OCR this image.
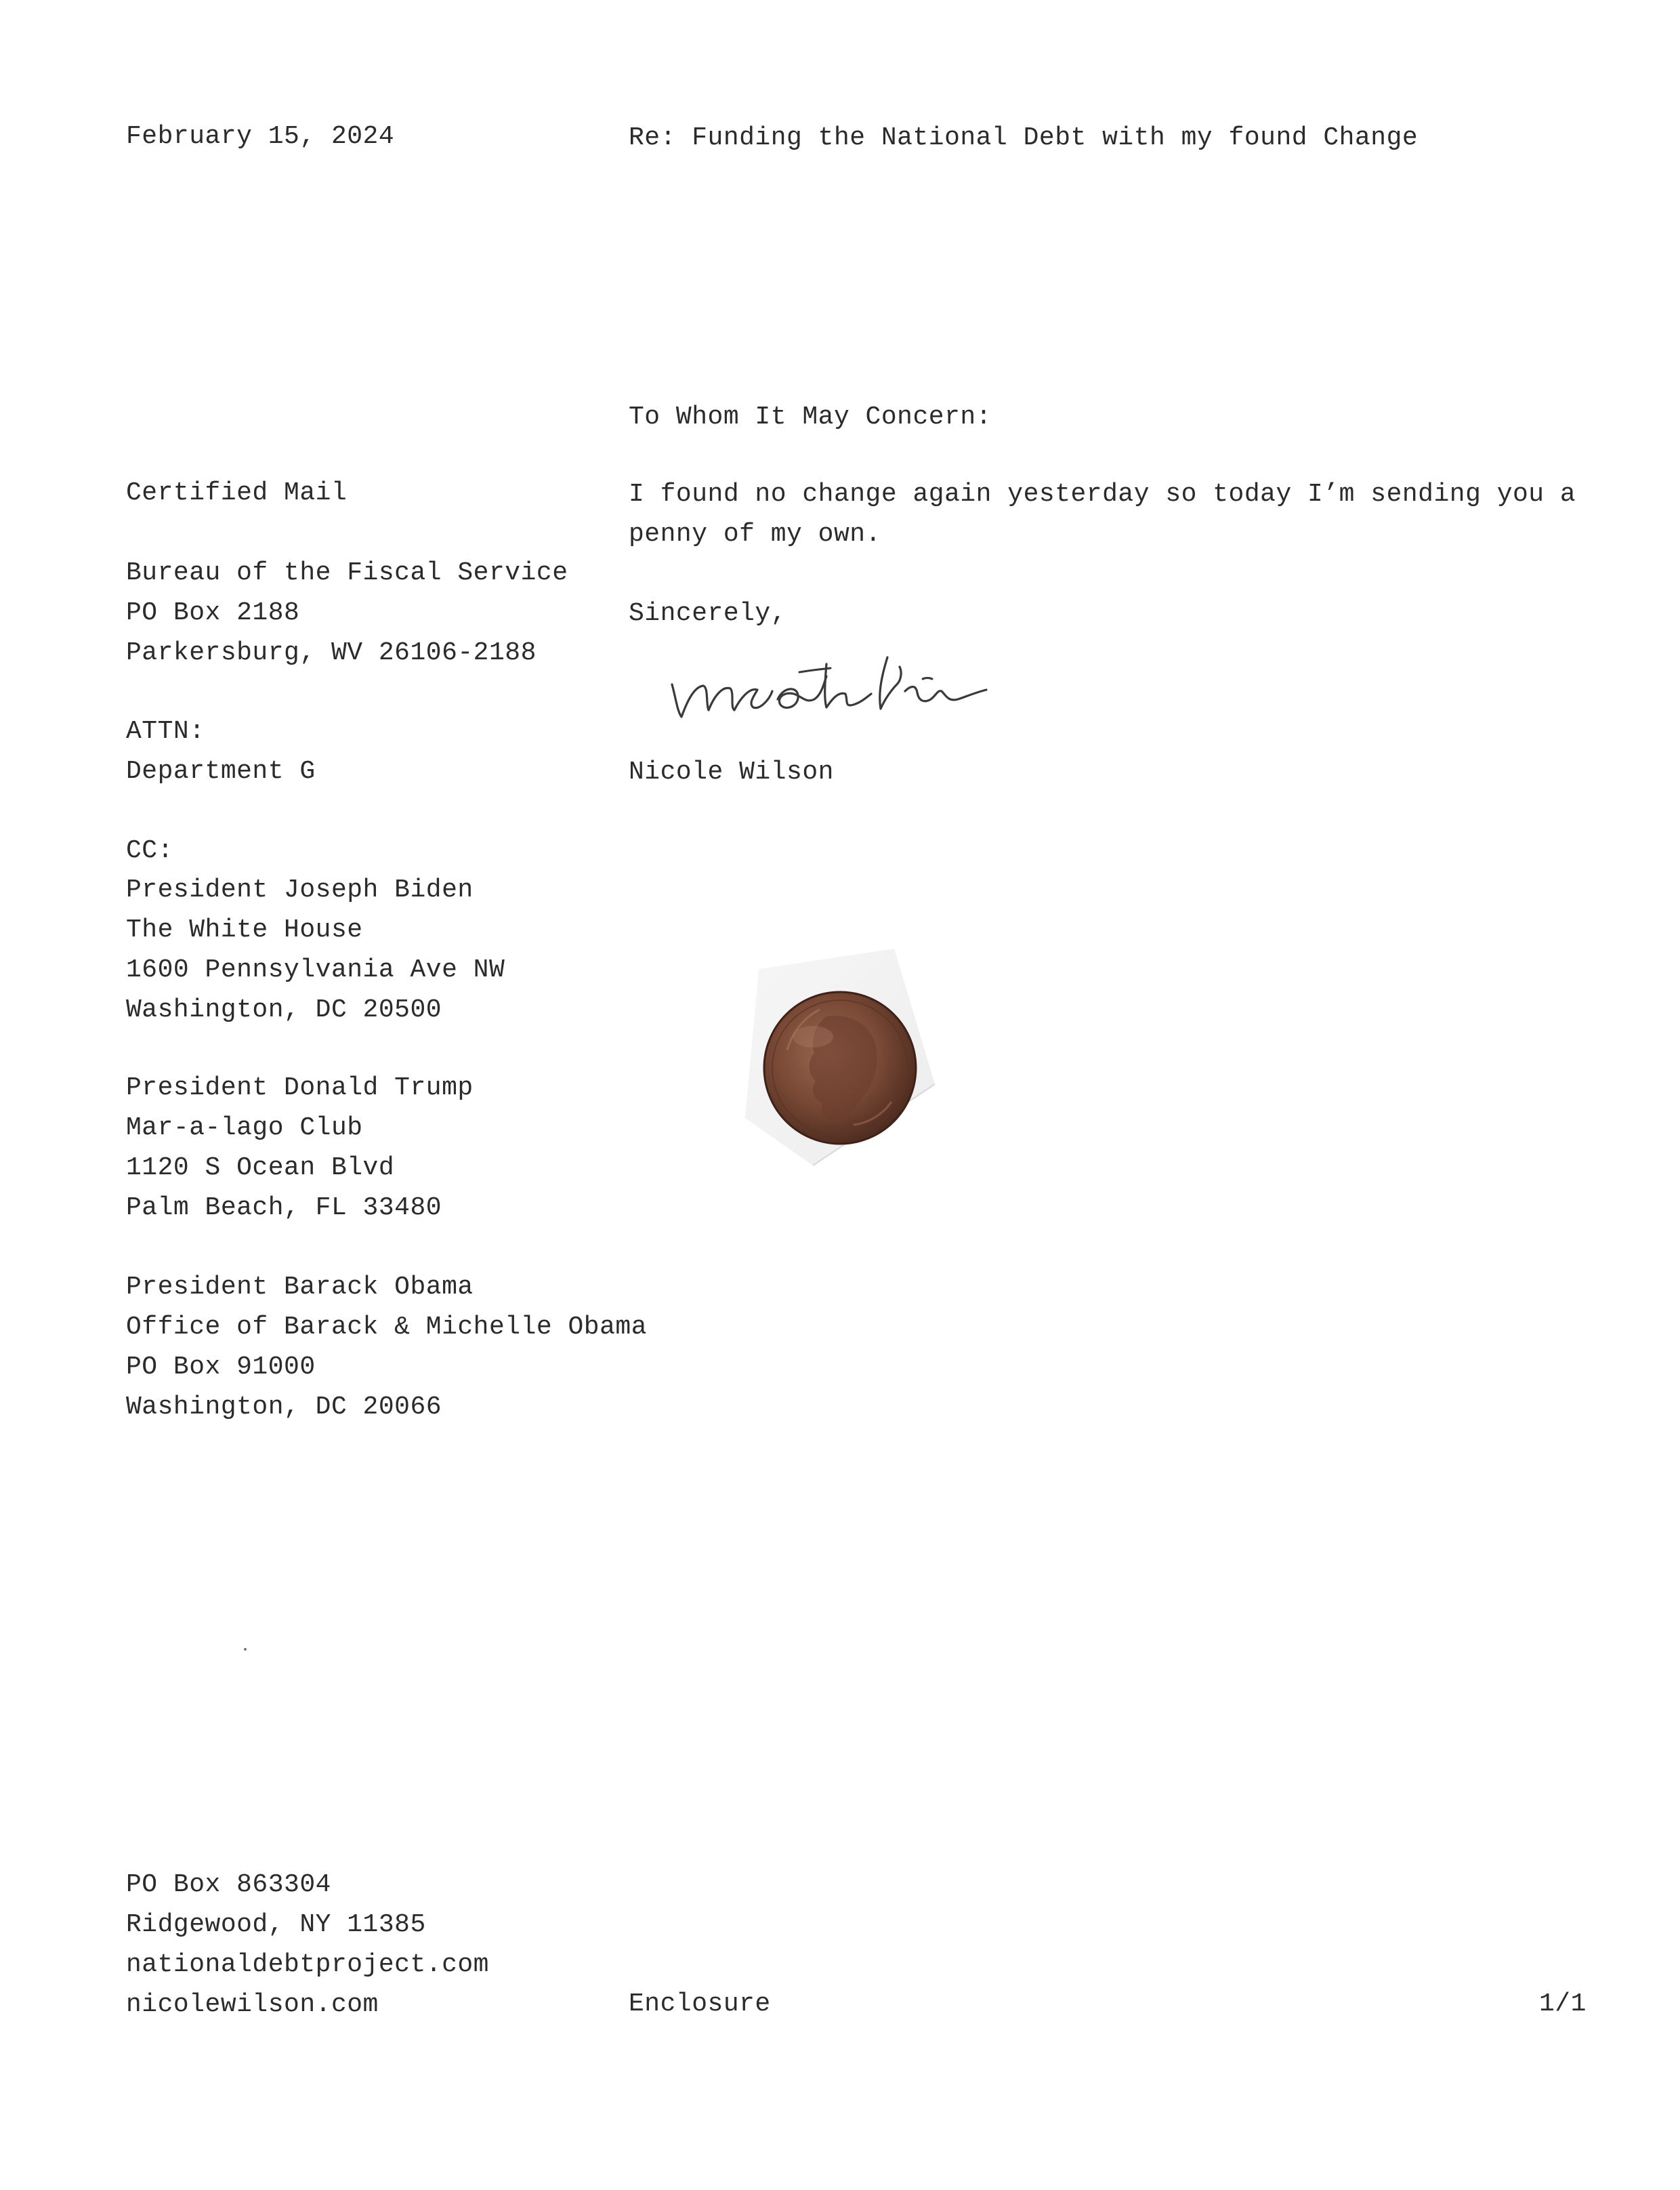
February 15, 2024	Re: Funding the National Debt with my found Change
To Whom It May Concern:
Certified Mail
Bureau of the Fiscal Service
PO Box 2188
Parkersburg, WV 26106-2188
ATTN:
Department G
I found no change again yesterday so today I’m sending you a penny of my own.
Sincerely,
Nicole Wilson
CC:
President Joseph Biden
The White House
1600 Pennsylvania Ave NW
Washington, DC 20500
President Donald Trump
Mar-a-lago Club
1120 S Ocean Blvd
Palm Beach, FL 33480
President Barack Obama
Office of Barack & Michelle Obama
PO Box 91000
Washington, DC 20066
PO Box 863304
Ridgewood, NY 11385
nationaldebtproject.com
nicolewilson.com	Enclosure	1/1
